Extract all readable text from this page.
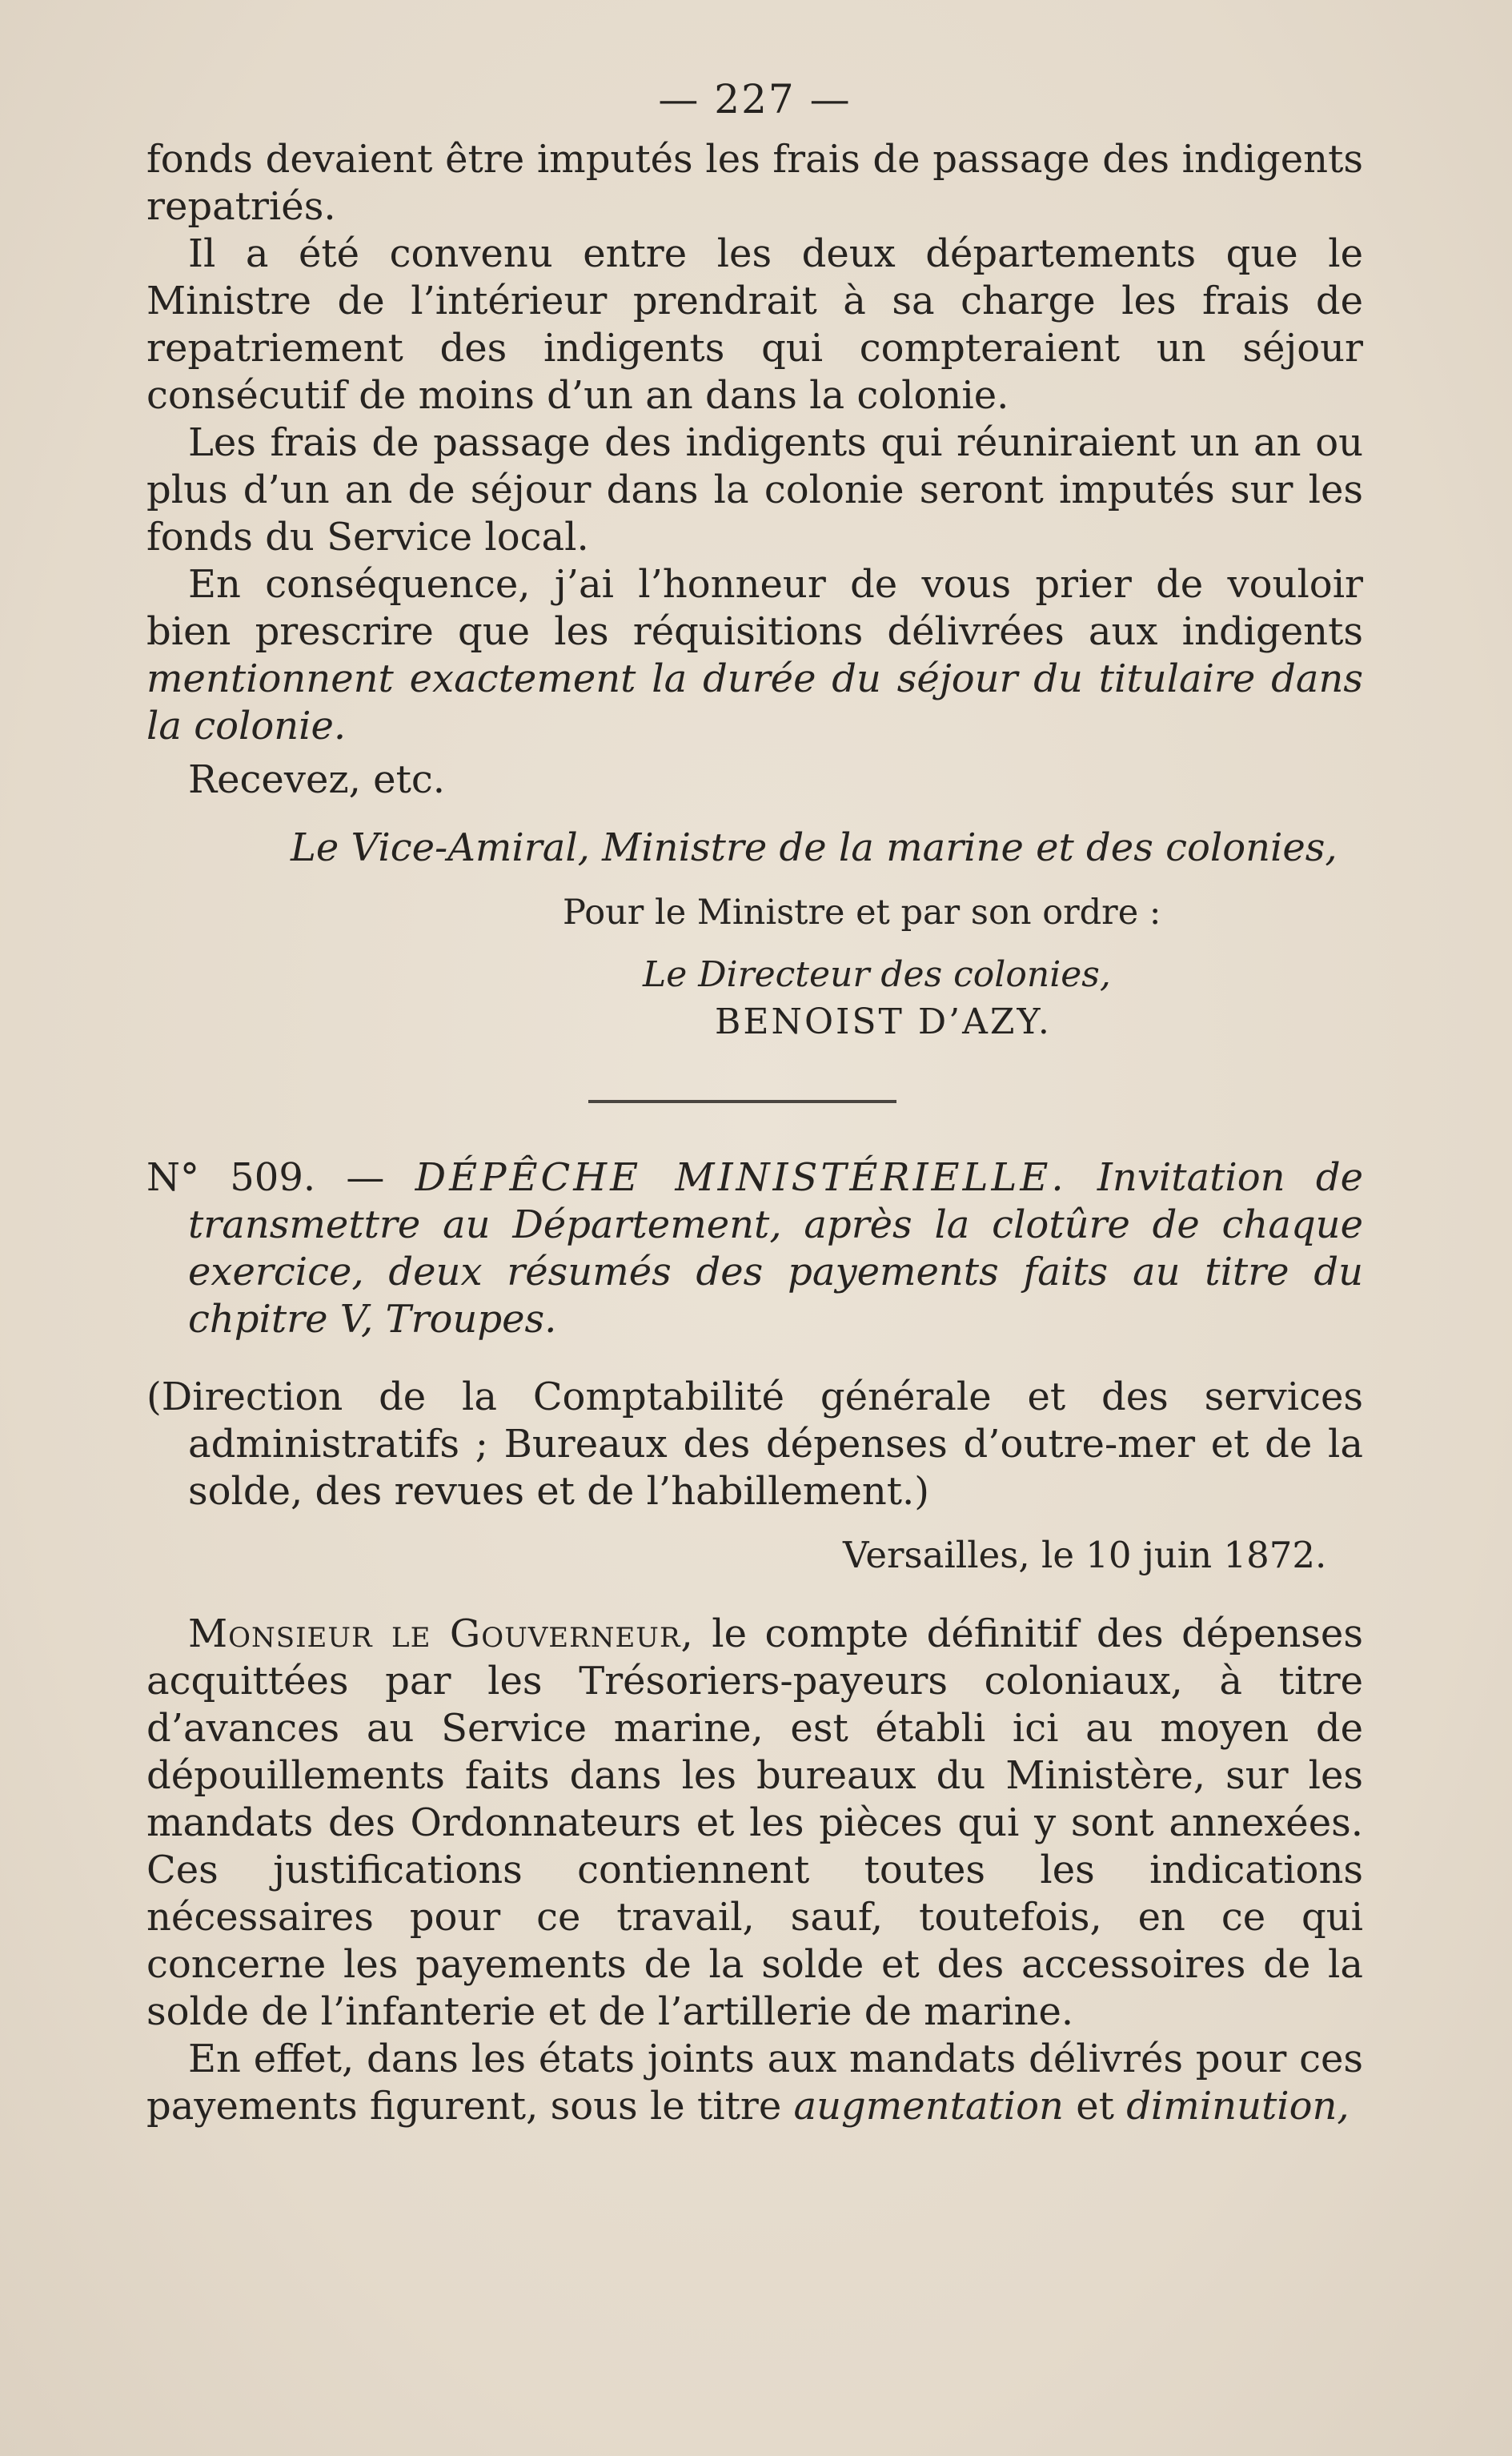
— 227 —

fonds devaient être imputés les frais de passage des indigents repatriés.

Il a été convenu entre les deux départements que le Ministre de l’intérieur prendrait à sa charge les frais de repatriement des indigents qui compteraient un séjour consécutif de moins d’un an dans la colonie.

Les frais de passage des indigents qui réuniraient un an ou plus d’un an de séjour dans la colonie seront imputés sur les fonds du Service local.

En conséquence, j’ai l’honneur de vous prier de vouloir bien prescrire que les réquisitions délivrées aux indigents mentionnent exactement la durée du séjour du titulaire dans la colonie.

Recevez, etc.

Le Vice-Amiral, Ministre de la marine et des colonies,
Pour le Ministre et par son ordre :
Le Directeur des colonies,
BENOIST D’AZY.

N° 509. — DÉPÊCHE MINISTÉRIELLE. Invitation de transmettre au Département, après la clotûre de chaque exercice, deux résumés des payements faits au titre du chpitre V, Troupes.

(Direction de la Comptabilité générale et des services administratifs ; Bureaux des dépenses d’outre-mer et de la solde, des revues et de l’habillement.)

Versailles, le 10 juin 1872.

Monsieur le Gouverneur, le compte définitif des dépenses acquittées par les Trésoriers-payeurs coloniaux, à titre d’avances au Service marine, est établi ici au moyen de dépouillements faits dans les bureaux du Ministère, sur les mandats des Ordonnateurs et les pièces qui y sont annexées. Ces justifications contiennent toutes les indications nécessaires pour ce travail, sauf, toutefois, en ce qui concerne les payements de la solde et des accessoires de la solde de l’infanterie et de l’artillerie de marine.

En effet, dans les états joints aux mandats délivrés pour ces payements figurent, sous le titre augmentation et diminution,
